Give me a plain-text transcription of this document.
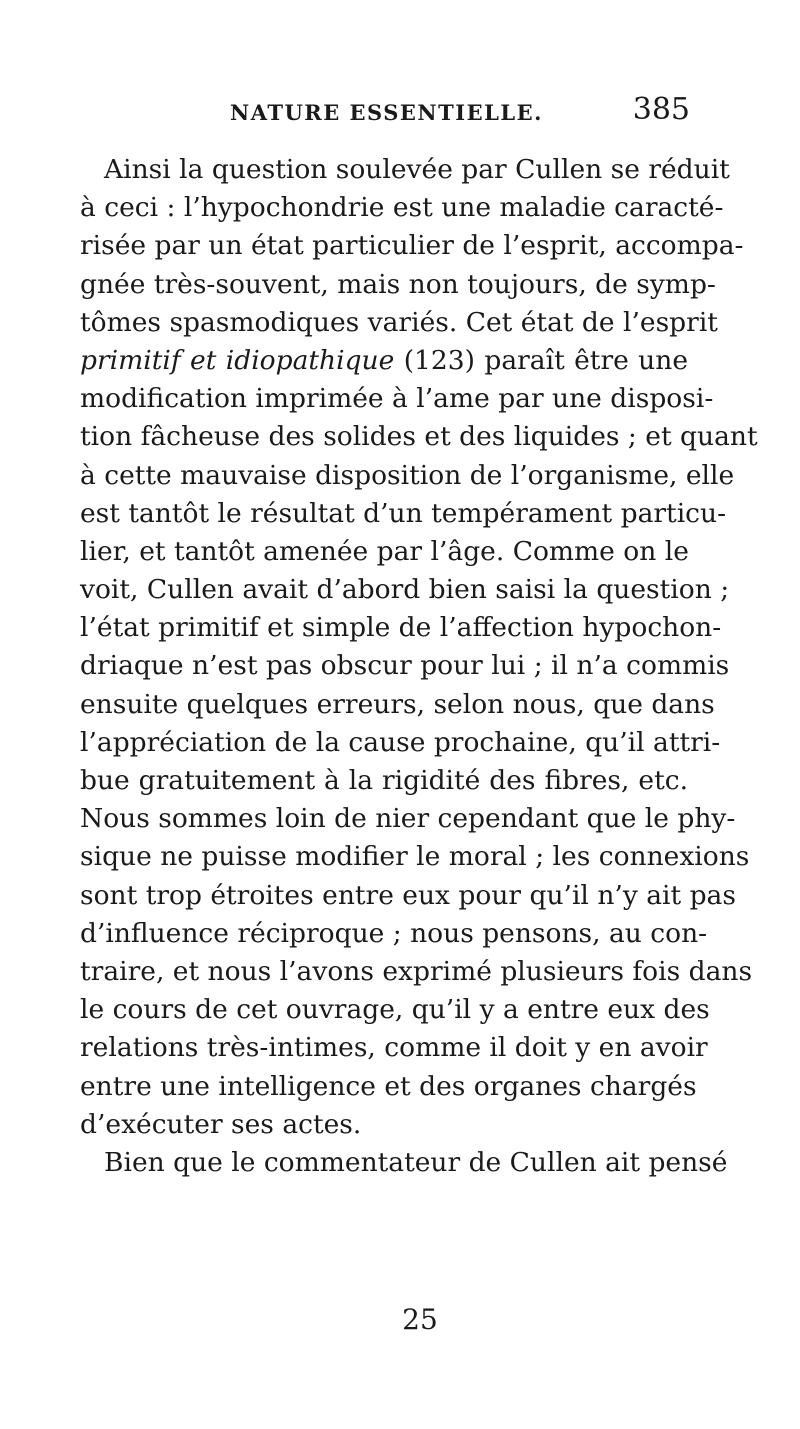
NATURE ESSENTIELLE.	385
Ainsi la question soulevée par Cullen se réduit
à ceci : l’hypochondrie est une maladie caracté-
risée par un état particulier de l’esprit, accompa-
gnée très-souvent, mais non toujours, de symp-
tômes spasmodiques variés. Cet état de l’esprit
primitif et idiopathique (123) paraît être une
modification imprimée à l’ame par une disposi-
tion fâcheuse des solides et des liquides ; et quant
à cette mauvaise disposition de l’organisme, elle
est tantôt le résultat d’un tempérament particu-
lier, et tantôt amenée par l’âge. Comme on le
voit, Cullen avait d’abord bien saisi la question ;
l’état primitif et simple de l’affection hypochon-
driaque n’est pas obscur pour lui ; il n’a commis
ensuite quelques erreurs, selon nous, que dans
l’appréciation de la cause prochaine, qu’il attri-
bue gratuitement à la rigidité des fibres, etc.
Nous sommes loin de nier cependant que le phy-
sique ne puisse modifier le moral ; les connexions
sont trop étroites entre eux pour qu’il n’y ait pas
d’influence réciproque ; nous pensons, au con-
traire, et nous l’avons exprimé plusieurs fois dans
le cours de cet ouvrage, qu’il y a entre eux des
relations très-intimes, comme il doit y en avoir
entre une intelligence et des organes chargés
d’exécuter ses actes.
Bien que le commentateur de Cullen ait pensé
25
